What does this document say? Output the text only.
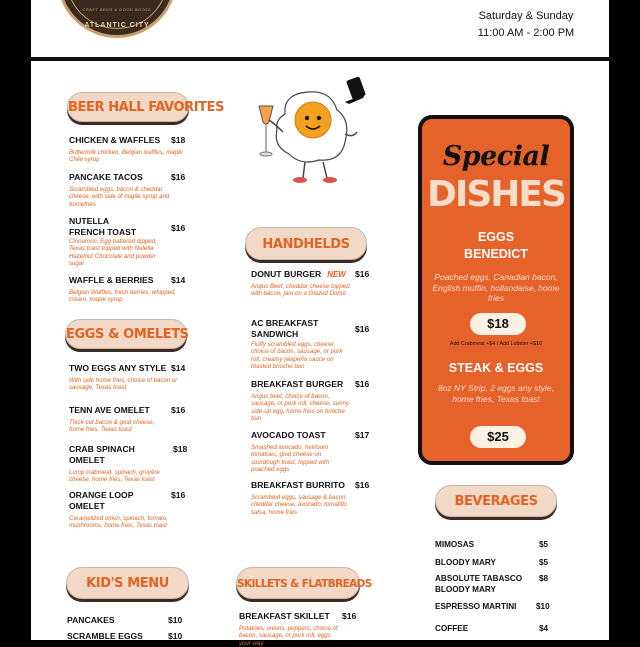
CRAFT BEER & GOOD BOOZE
ATLANTIC CITY
Saturday & Sunday
11:00 AM - 2:00 PM
BEER HALL FAVORITES
CHICKEN & WAFFLES
Buttermilk chicken, Belgian waffles, maple Chile syrup
$18
PANCAKE TACOS
Scrambled eggs, bacon & cheddar cheese, with side of maple syrup and homefries
$16
NUTELLA FRENCH TOAST
Cinnamon, Egg battered dipped, Texas toast topped with Nutella Hazelnut Chocolate and powder sugar
$16
WAFFLE & BERRIES
Belgian Waffles, fresh berries, whipped cream, maple syrup
$14
EGGS & OMELETS
TWO EGGS ANY STYLE
With side home fries, choice of bacon or sausage, Texas toast
$14
TENN AVE OMELET
Thick-cut bacon & goat cheese, home fries, Texas toast
$16
CRAB SPINACH OMELET
Lump crabmeat, spinach, gruyère cheese, home fries, Texas toast
$18
ORANGE LOOP OMELET
Caramelized onion, spinach, tomato, mushrooms, home fries, Texas toast
$16
KID'S MENU
PANCAKES	$10
SCRAMBLE EGGS	$10
HANDHELDS
DONUT BURGER NEW
Angus Beef, cheddar cheese topped with bacon, jam on a Glazed Donut
$16
AC BREAKFAST SANDWICH
Fluffy scrambled eggs, cheese, choice of bacon, sausage, or pork roll, creamy jalapeño sauce on toasted brioche bun
$16
BREAKFAST BURGER
Angus beef, choice of bacon, sausage, or pork roll, cheese, sunny-side-up egg, home fries on brioche bun
$16
AVOCADO TOAST
Smashed avocado, heirloom tomatoes, goat cheese on sourdough toast, topped with poached eggs
$17
BREAKFAST BURRITO
Scrambled eggs, sausage & bacon, cheddar cheese, avocado, tomatillo salsa, home fries
$16
SKILLETS & FLATBREADS
BREAKFAST SKILLET
Potatoes, onions, peppers, choice of bacon, sausage, or pork roll, eggs your way
$16
Special
DISHES
EGGS BENEDICT
Poached eggs, Canadian bacon, English muffin, hollandaise, home fries
$18
Add Crabmeat +$4 / Add Lobster +$10
STEAK & EGGS
8oz NY Strip, 2 eggs any style, home fries, Texas toast
$25
BEVERAGES
MIMOSAS	$5
BLOODY MARY	$5
ABSOLUTE TABASCO BLOODY MARY
$8
ESPRESSO MARTINI	$10
COFFEE	$4
